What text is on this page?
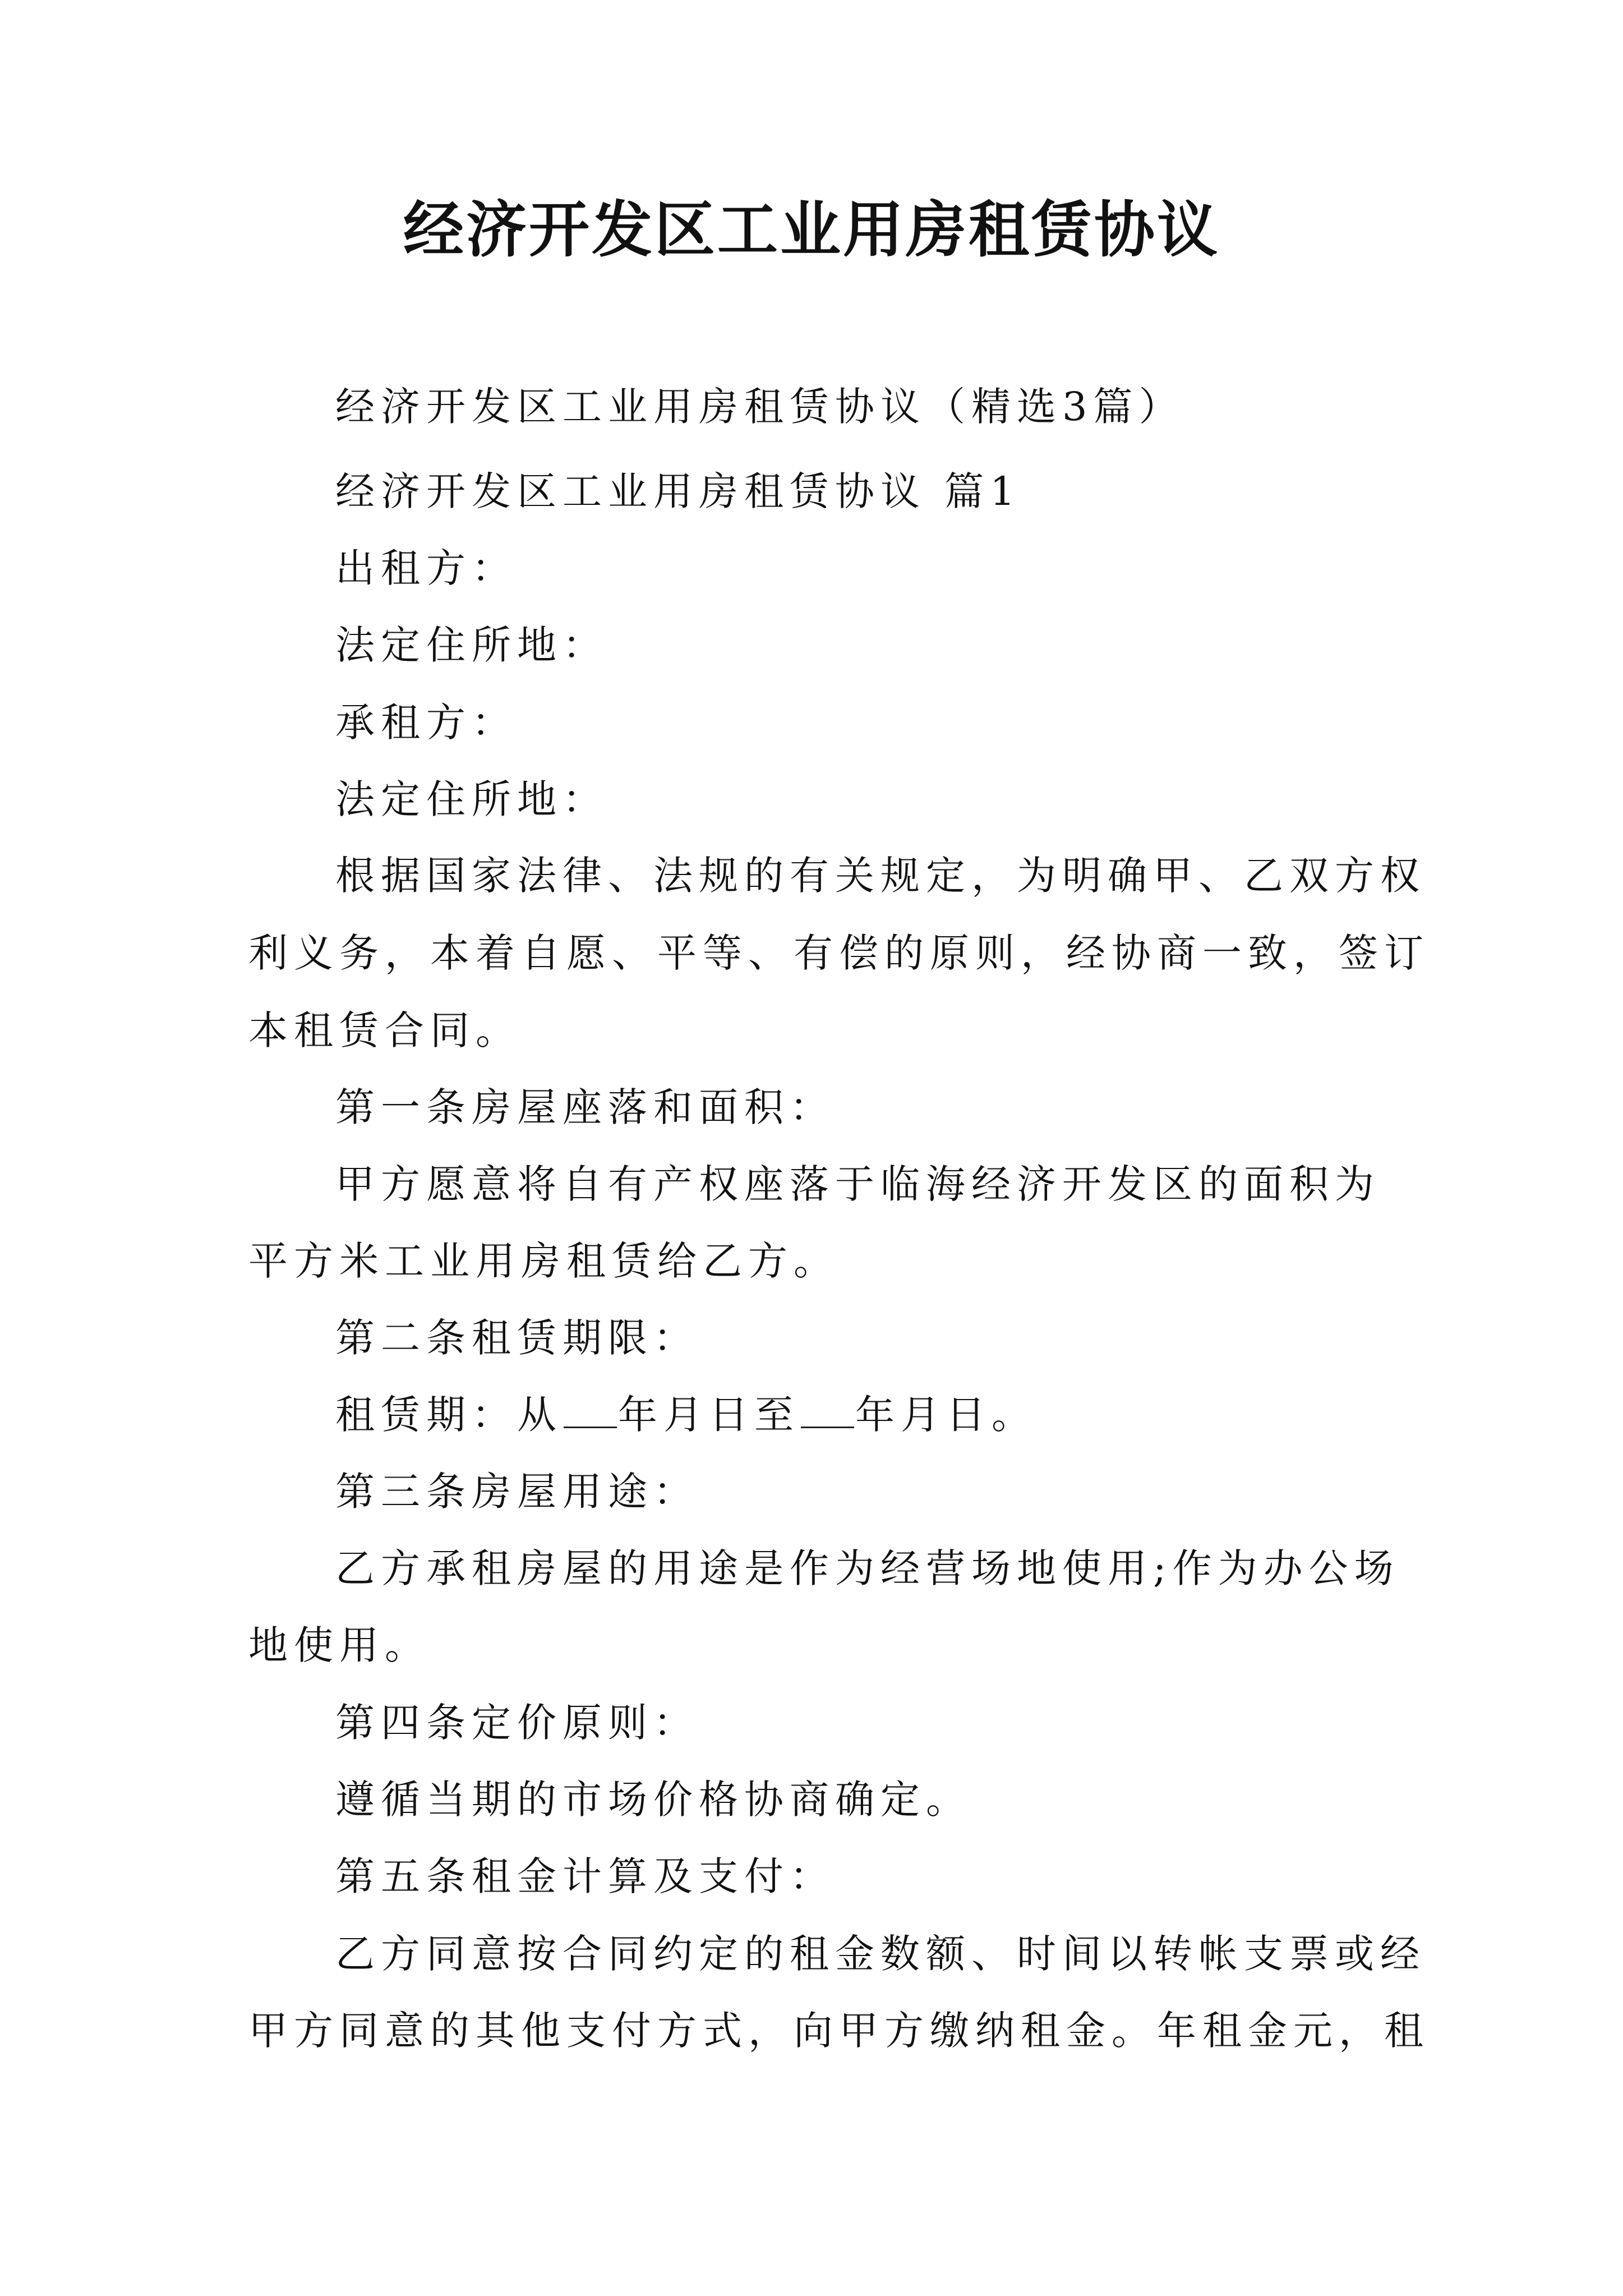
经济开发区工业用房租赁协议

经济开发区工业用房租赁协议（精选3篇）

经济开发区工业用房租赁协议 篇1

出租方：

法定住所地：

承租方：

法定住所地：

根据国家法律、法规的有关规定，为明确甲、乙双方权

利义务，本着自愿、平等、有偿的原则，经协商一致，签订

本租赁合同。

第一条房屋座落和面积：

甲方愿意将自有产权座落于临海经济开发区的面积为

平方米工业用房租赁给乙方。

第二条租赁期限：

租赁期：从 年月日至 年月日。

第三条房屋用途：

乙方承租房屋的用途是作为经营场地使用;作为办公场

地使用。

第四条定价原则：

遵循当期的市场价格协商确定。

第五条租金计算及支付：

乙方同意按合同约定的租金数额、时间以转帐支票或经

甲方同意的其他支付方式，向甲方缴纳租金。年租金元，租
